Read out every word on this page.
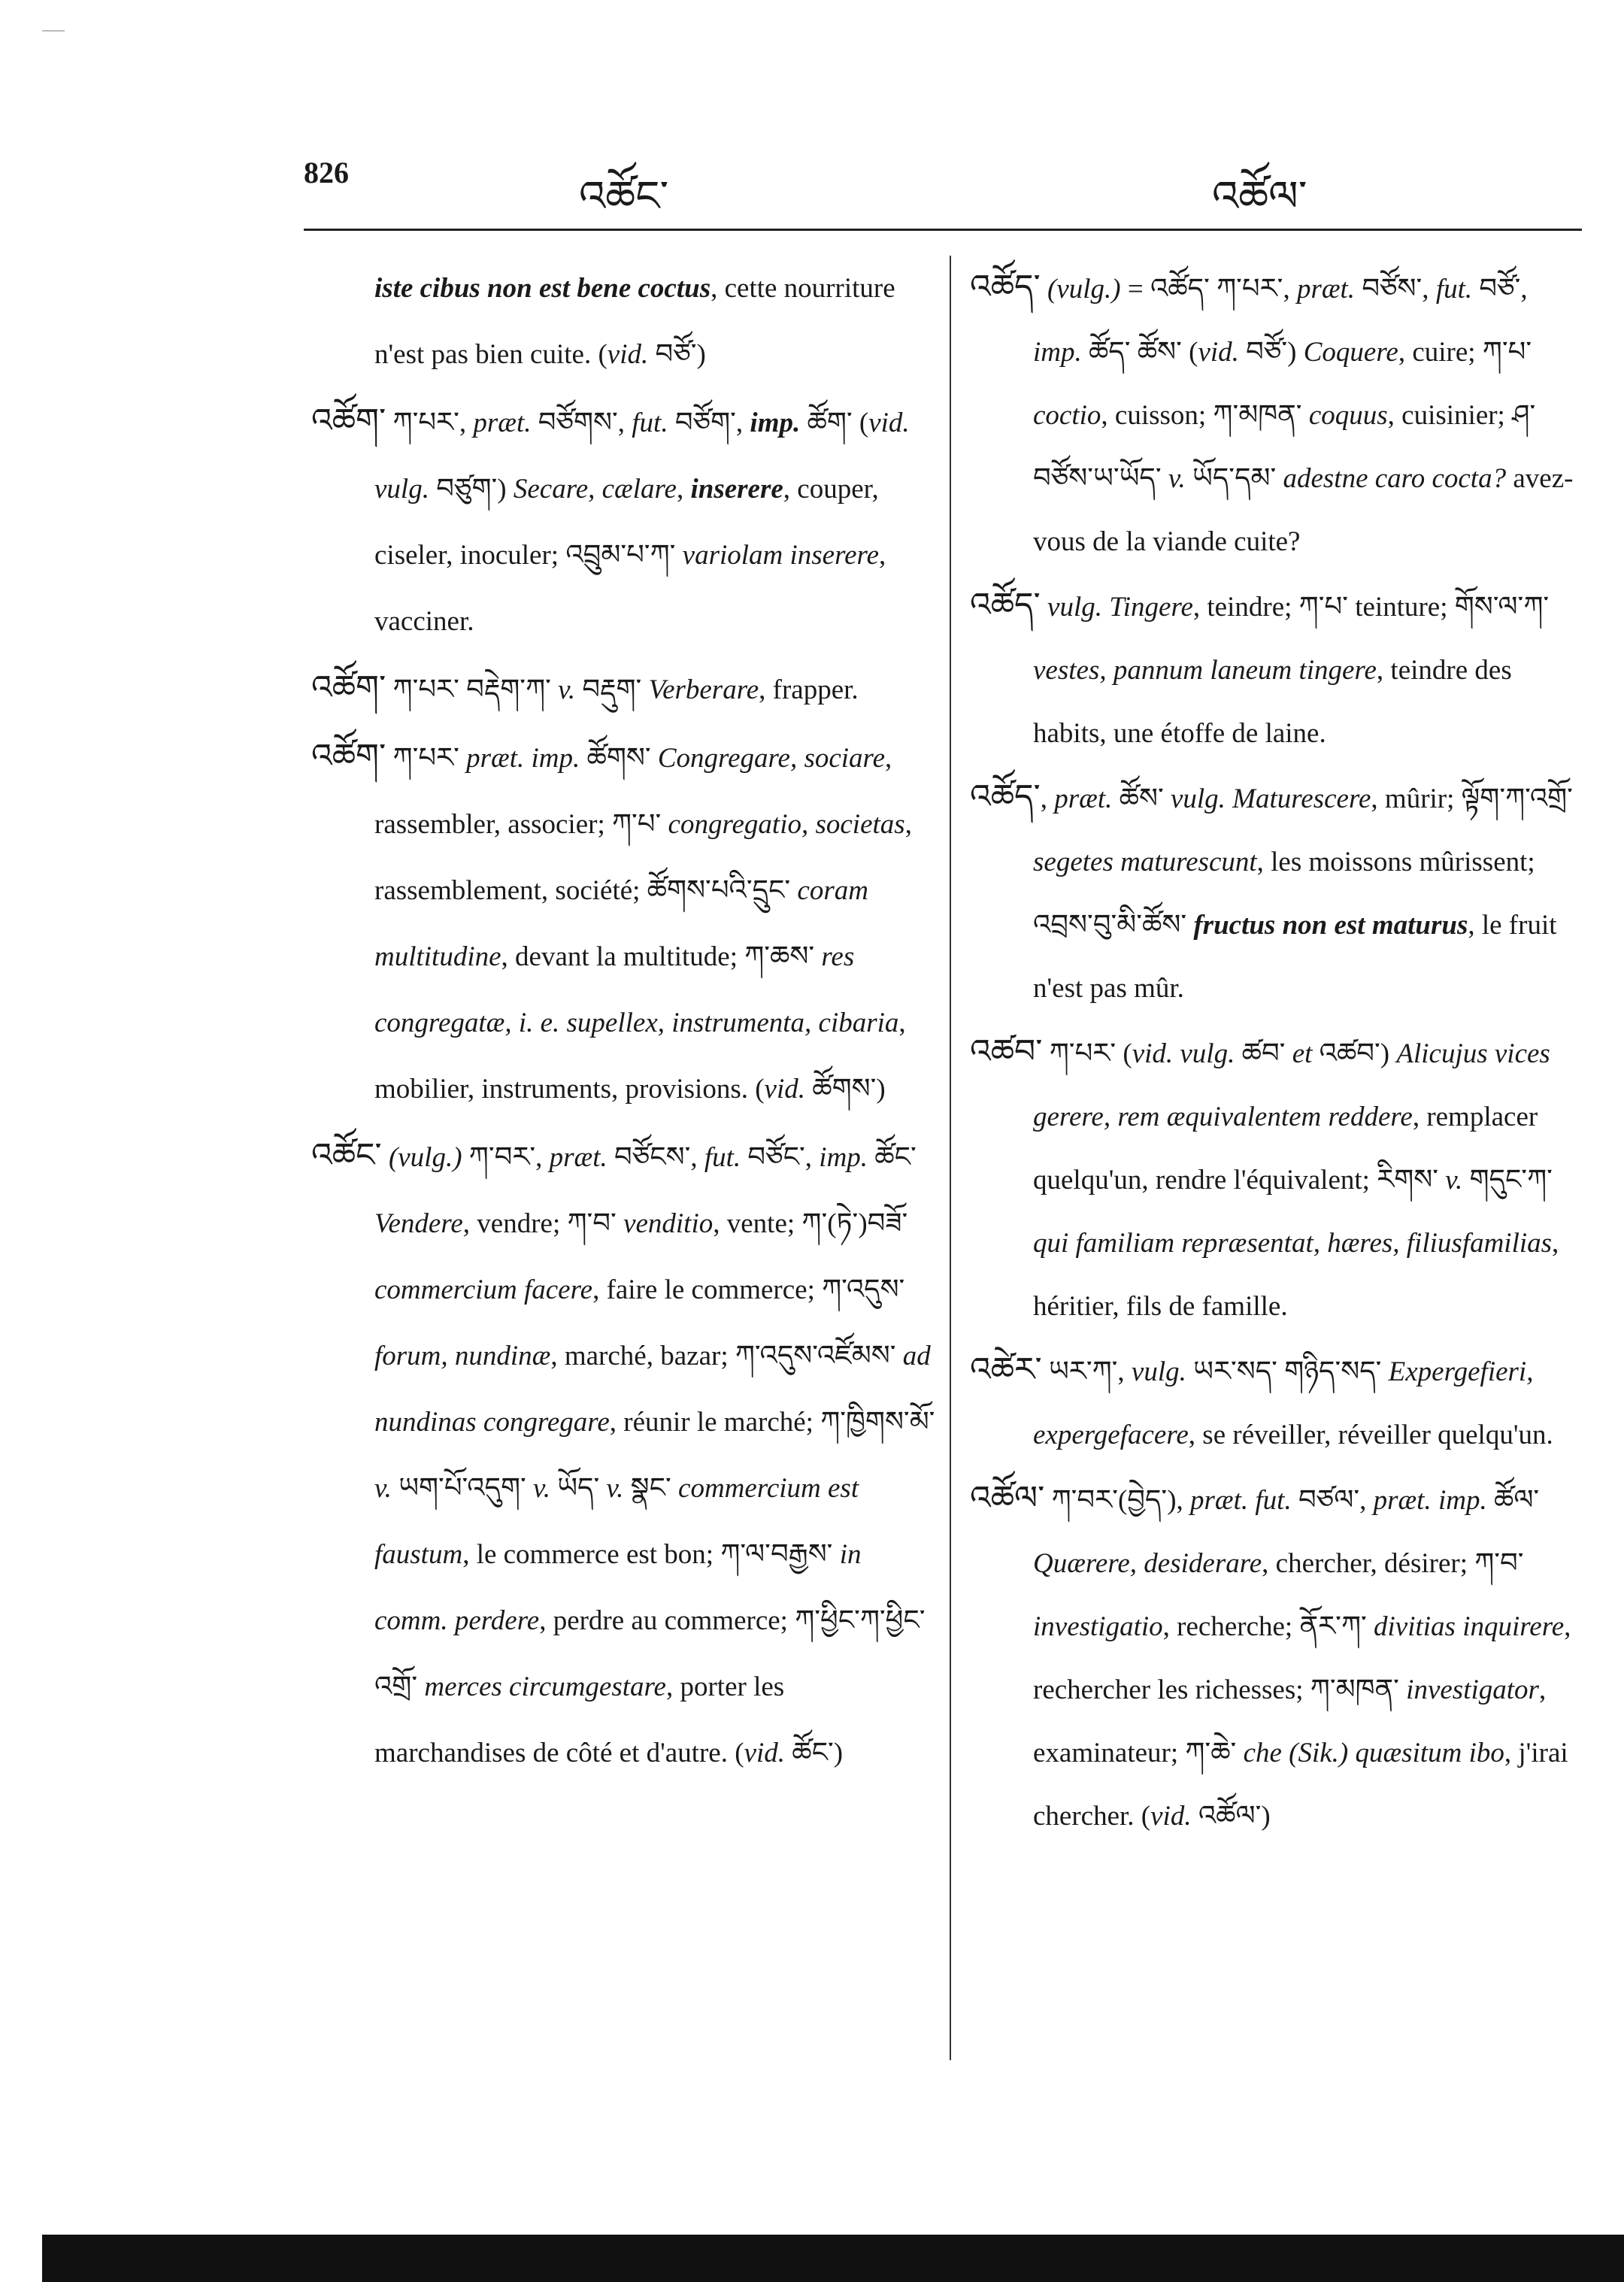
826
འཚོང་	འཚོལ་

iste cibus non est bene coctus, cette nourriture n'est pas bien cuite. (vid. བཙོ་)

འཚོག་ ཀ་པར་, præt. བཙོགས་, fut. བཙོག་, imp. ཚོག་ (vid. vulg. བཙུག་) Secare, cælare, inserere, couper, ciseler, inoculer; འབྲུམ་པ་ཀ་ variolam inserere, vacciner.

འཚོག་ ཀ་པར་ བརྡེག་ཀ་ v. བརྡུག་ Verberare, frapper.

འཚོག་ ཀ་པར་ præt. imp. ཚོགས་ Congregare, sociare, rassembler, associer; ཀ་པ་ congregatio, societas, rassemblement, société; ཚོགས་པའི་དྲུང་ coram multitudine, devant la multitude; ཀ་ཆས་ res congregatæ, i. e. supellex, instrumenta, cibaria, mobilier, instruments, provisions. (vid. ཚོགས་)

འཚོང་ (vulg.) ཀ་བར་, præt. བཙོངས་, fut. བཙོང་, imp. ཚོང་ Vendere, vendre; ཀ་བ་ venditio, vente; ཀ་(ཏེ་)བཟོ་ commercium facere, faire le commerce; ཀ་འདུས་ forum, nundinæ, marché, bazar; ཀ་འདུས་འཛོམས་ ad nundinas congregare, réunir le marché; ཀ་ཁྱིགས་མོ་ v. ཡག་པོ་འདུག་ v. ཡོད་ v. སྣང་ commercium est faustum, le commerce est bon; ཀ་ལ་བརྒྱས་ in comm. perdere, perdre au commerce; ཀ་ཕྱིང་ཀ་ཕྱིང་འགྲོ་ merces circumgestare, porter les marchandises de côté et d'autre. (vid. ཚོང་)

འཚོད་ (vulg.) = འཚོད་ ཀ་པར་, præt. བཙོས་, fut. བཙོ་, imp. ཚོད་ ཚོས་ (vid. བཙོ་) Coquere, cuire; ཀ་པ་ coctio, cuisson; ཀ་མཁན་ coquus, cuisinier; ཤ་བཙོས་ཡ་ཡོད་ v. ཡོད་དམ་ adestne caro cocta? avez-vous de la viande cuite?

འཚོད་ vulg. Tingere, teindre; ཀ་པ་ teinture; གོས་ལ་ཀ་ vestes, pannum laneum tingere, teindre des habits, une étoffe de laine.

འཚོད་, præt. ཚོས་ vulg. Maturescere, mûrir; ལྟོག་ཀ་འགྲོ་ segetes maturescunt, les moissons mûrissent; འབྲས་བུ་མི་ཚོས་ fructus non est maturus, le fruit n'est pas mûr.

འཚབ་ ཀ་པར་ (vid. vulg. ཚབ་ et འཚབ་) Alicujus vices gerere, rem æquivalentem reddere, remplacer quelqu'un, rendre l'équivalent; རིགས་ v. གདུང་ཀ་ qui familiam repræsentat, hæres, filiusfamilias, héritier, fils de famille.

འཚེར་ ཡར་ཀ་, vulg. ཡར་སད་ གཉིད་སད་ Expergefieri, expergefacere, se réveiller, réveiller quelqu'un.

འཚོལ་ ཀ་བར་(བྱེད་), præt. fut. བཙལ་, præt. imp. ཚོལ་ Quærere, desiderare, chercher, désirer; ཀ་བ་ investigatio, recherche; ནོར་ཀ་ divitias inquirere, rechercher les richesses; ཀ་མཁན་ investigator, examinateur; ཀ་ཆེ་ che (Sik.) quæsitum ibo, j'irai chercher. (vid. འཚོལ་)
